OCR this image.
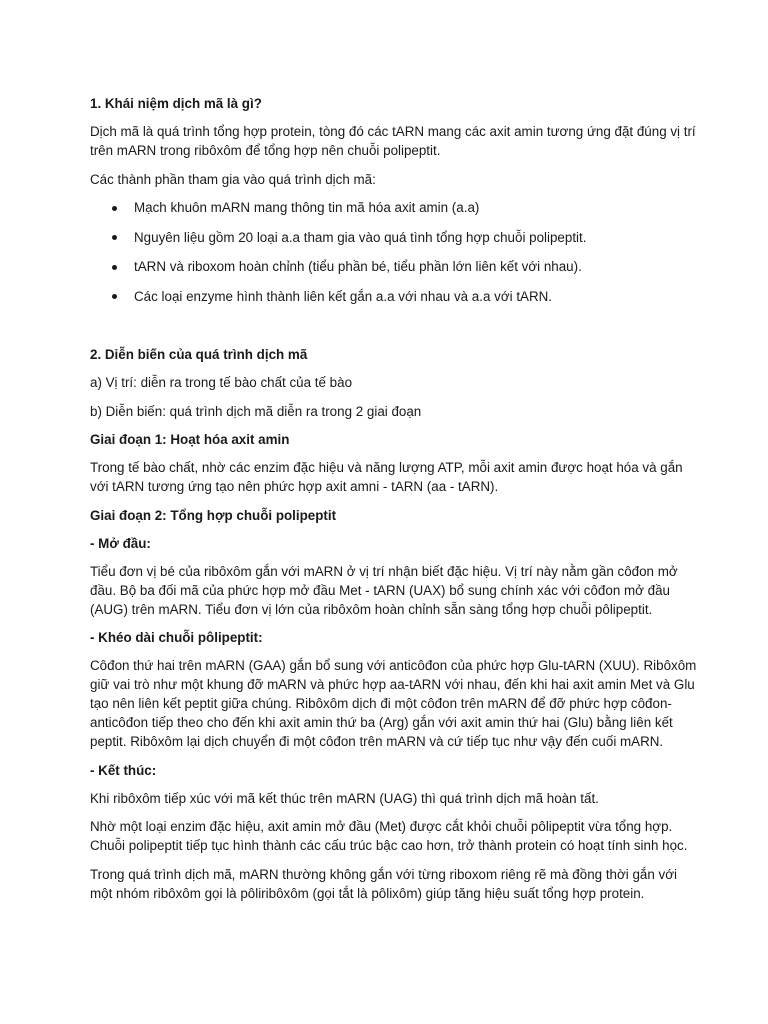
1. Khái niệm dịch mã là gì?

Dịch mã là quá trình tổng hợp protein, tòng đó các tARN mang các axit amin tương ứng đặt đúng vị trí trên mARN trong ribôxôm để tổng hợp nên chuỗi polipeptit.

Các thành phần tham gia vào quá trình dịch mã:

Mạch khuôn mARN mang thông tin mã hóa axit amin (a.a)
Nguyên liệu gồm 20 loại a.a tham gia vào quá tình tổng hợp chuỗi polipeptit.
tARN và riboxom hoàn chỉnh (tiểu phần bé, tiểu phần lớn liên kết với nhau).
Các loại enzyme hình thành liên kết gắn a.a với nhau và a.a với tARN.

2. Diễn biến của quá trình dịch mã

a) Vị trí: diễn ra trong tế bào chất của tế bào

b) Diễn biến: quá trình dịch mã diễn ra trong 2 giai đoạn

Giai đoạn 1: Hoạt hóa axit amin

Trong tế bào chất, nhờ các enzim đặc hiệu và năng lượng ATP, mỗi axit amin được hoạt hóa và gắn với tARN tương ứng tạo nên phức hợp axit amni - tARN (aa - tARN).

Giai đoạn 2: Tổng hợp chuỗi polipeptit

- Mở đầu:

Tiểu đơn vị bé của ribôxôm gắn với mARN ở vị trí nhận biết đặc hiệu. Vị trí này nằm gần côđon mở đầu. Bộ ba đối mã của phức hợp mở đầu Met - tARN (UAX) bổ sung chính xác với côđon mở đầu (AUG) trên mARN. Tiểu đơn vị lớn của ribôxôm hoàn chỉnh sẵn sàng tổng hợp chuỗi pôlipeptit.

- Khéo dài chuỗi pôlipeptit:

Côđon thứ hai trên mARN (GAA) gắn bổ sung với anticôđon của phức hợp Glu-tARN (XUU). Ribôxôm giữ vai trò như một khung đỡ mARN và phức hợp aa-tARN với nhau, đến khi hai axit amin Met và Glu tạo nên liên kết peptit giữa chúng. Ribôxôm dịch đi một côđon trên mARN để đỡ phức hợp côđon-anticôđon tiếp theo cho đến khi axit amin thứ ba (Arg) gắn với axit amin thứ hai (Glu) bằng liên kết peptit. Ribôxôm lại dịch chuyển đi một côđon trên mARN và cứ tiếp tục như vậy đến cuối mARN.

- Kết thúc:

Khi ribôxôm tiếp xúc với mã kết thúc trên mARN (UAG) thì quá trình dịch mã hoàn tất.

Nhờ một loại enzim đặc hiệu, axit amin mở đầu (Met) được cắt khỏi chuỗi pôlipeptit vừa tổng hợp. Chuỗi polipeptit tiếp tục hình thành các cấu trúc bậc cao hơn, trở thành protein có hoạt tính sinh học.

Trong quá trình dịch mã, mARN thường không gắn với từng riboxom riêng rẽ mà đồng thời gắn với một nhóm ribôxôm gọi là pôliribôxôm (gọi tắt là pôlixôm) giúp tăng hiệu suất tổng hợp protein.
